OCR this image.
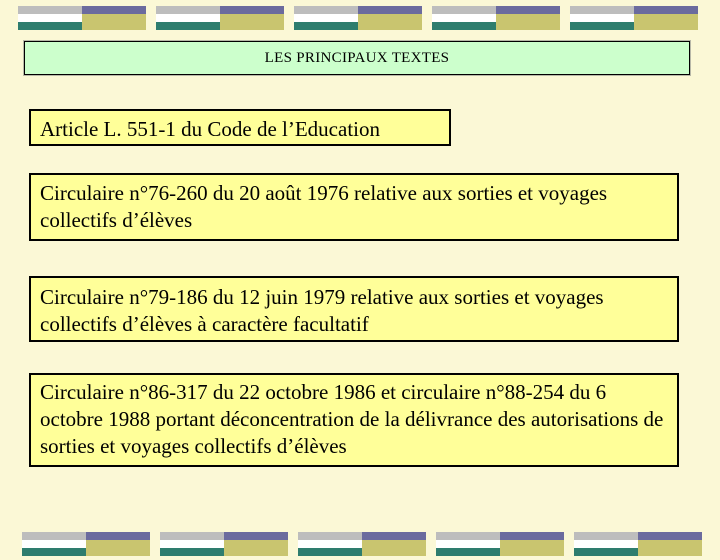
LES PRINCIPAUX TEXTES
Article L. 551-1 du Code de l’Education
Circulaire n°76-260 du 20 août 1976 relative aux sorties et voyages collectifs d’élèves
Circulaire n°79-186 du 12 juin 1979 relative aux sorties et voyages collectifs d’élèves à caractère facultatif
Circulaire n°86-317 du 22 octobre 1986 et circulaire n°88-254 du 6 octobre 1988 portant déconcentration de la délivrance des autorisations de sorties et voyages collectifs d’élèves
